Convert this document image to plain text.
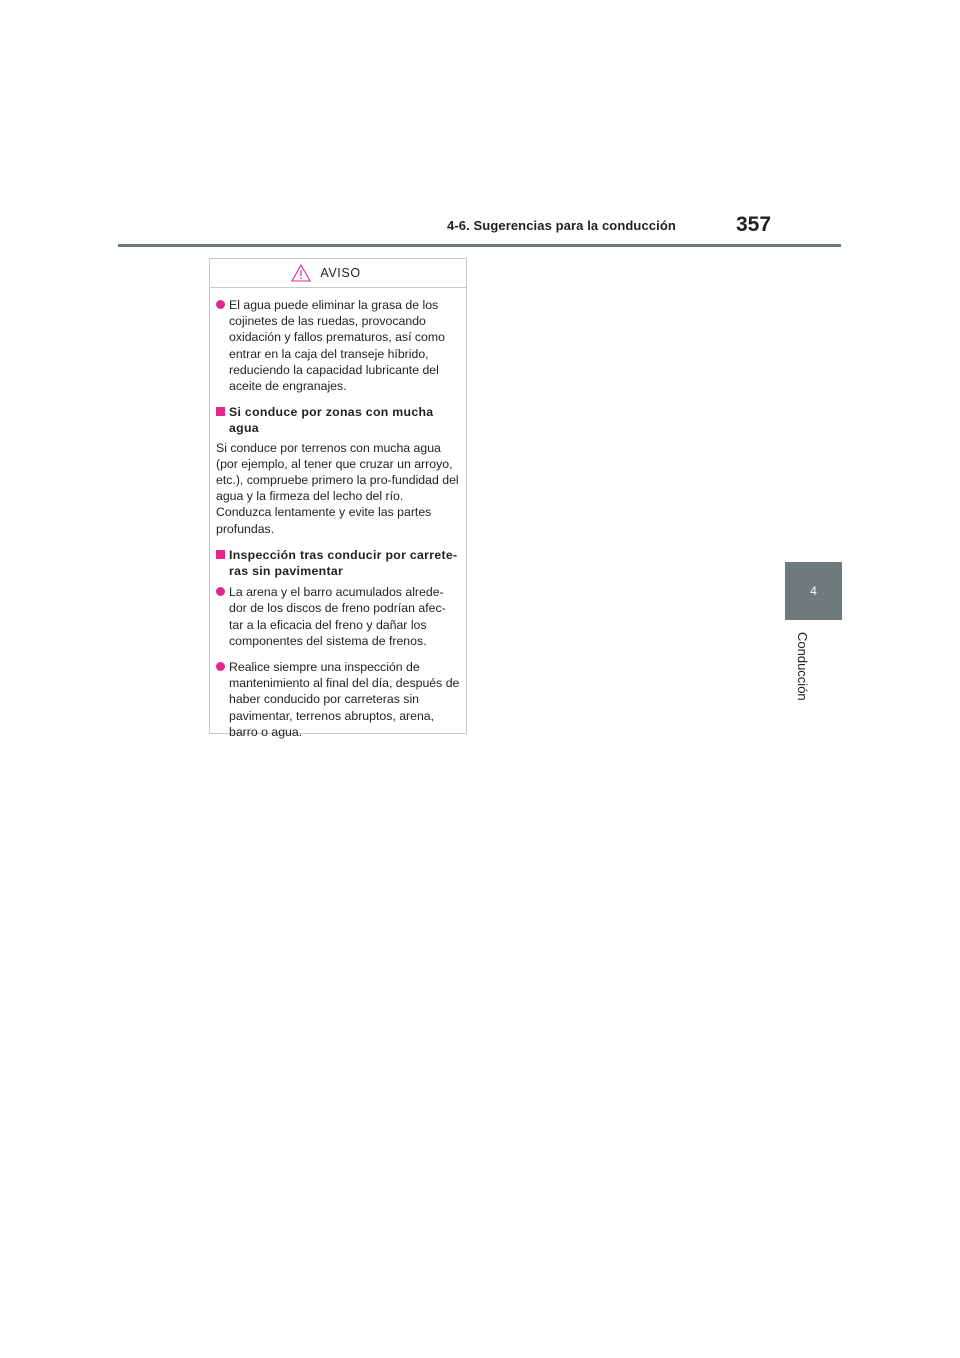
4-6. Sugerencias para la conducción	357
4
Conducción
AVISO
El agua puede eliminar la grasa de los cojinetes de las ruedas, provocando oxidación y fallos prematuros, así como entrar en la caja del transeje híbrido, reduciendo la capacidad lubricante del aceite de engranajes.
Si conduce por zonas con mucha agua
Si conduce por terrenos con mucha agua (por ejemplo, al tener que cruzar un arroyo, etc.), compruebe primero la pro-fundidad del agua y la firmeza del lecho del río. Conduzca lentamente y evite las partes profundas.
Inspección tras conducir por carrete-ras sin pavimentar
La arena y el barro acumulados alrede-dor de los discos de freno podrían afec-tar a la eficacia del freno y dañar los componentes del sistema de frenos.
Realice siempre una inspección de mantenimiento al final del día, después de haber conducido por carreteras sin pavimentar, terrenos abruptos, arena, barro o agua.
